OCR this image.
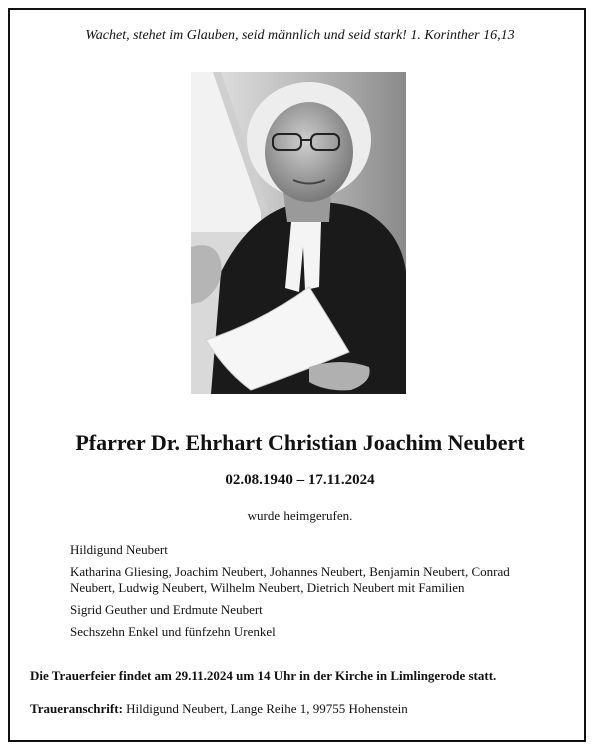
Wachet, stehet im Glauben, seid männlich und seid stark! 1. Korinther 16,13
Pfarrer Dr. Ehrhart Christian Joachim Neubert
02.08.1940 – 17.11.2024
wurde heimgerufen.
Hildigund Neubert
Katharina Gliesing, Joachim Neubert, Johannes Neubert, Benjamin Neubert, Conrad Neubert, Ludwig Neubert, Wilhelm Neubert, Dietrich Neubert mit Familien
Sigrid Geuther und Erdmute Neubert
Sechszehn Enkel und fünfzehn Urenkel
Die Trauerfeier findet am 29.11.2024 um 14 Uhr in der Kirche in Limlingerode statt.
Traueranschrift: Hildigund Neubert, Lange Reihe 1, 99755 Hohenstein
